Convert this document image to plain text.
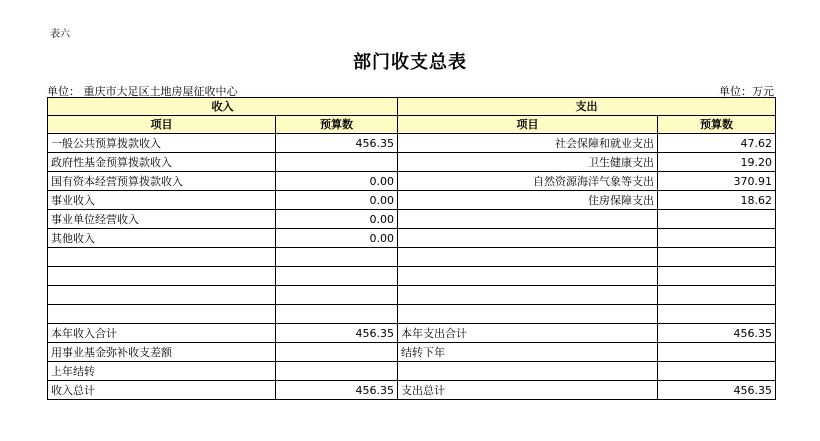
表六
部门收支总表
单位： 重庆市大足区土地房屋征收中心	单位：万元
收入		支出	
项目	预算数	项目	预算数
一般公共预算拨款收入	456.35	社会保障和就业支出	47.62
政府性基金预算拨款收入		卫生健康支出	19.20
国有资本经营预算拨款收入	0.00	自然资源海洋气象等支出	370.91
事业收入	0.00	住房保障支出	18.62
事业单位经营收入	0.00		
其他收入	0.00		

本年收入合计	456.35	本年支出合计	456.35
用事业基金弥补收支差额		结转下年	
上年结转			
收入总计	456.35	支出总计	456.35
